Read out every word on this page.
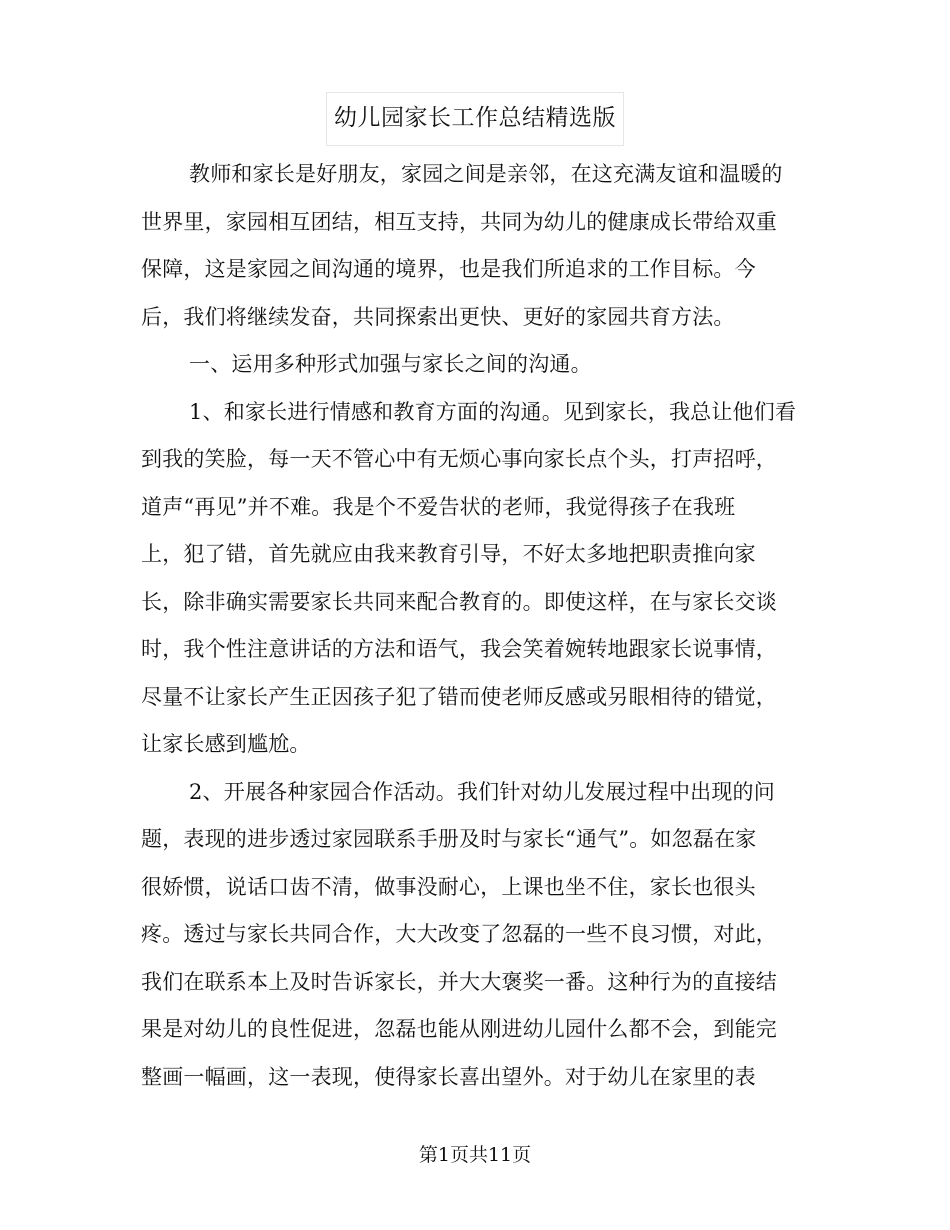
幼儿园家长工作总结精选版
教师和家长是好朋友，家园之间是亲邻，在这充满友谊和温暖的
世界里，家园相互团结，相互支持，共同为幼儿的健康成长带给双重
保障，这是家园之间沟通的境界，也是我们所追求的工作目标。今
后，我们将继续发奋，共同探索出更快、更好的家园共育方法。
一、运用多种形式加强与家长之间的沟通。
1、和家长进行情感和教育方面的沟通。见到家长，我总让他们看
到我的笑脸，每一天不管心中有无烦心事向家长点个头，打声招呼，
道声“再见”并不难。我是个不爱告状的老师，我觉得孩子在我班
上，犯了错，首先就应由我来教育引导，不好太多地把职责推向家
长，除非确实需要家长共同来配合教育的。即使这样，在与家长交谈
时，我个性注意讲话的方法和语气，我会笑着婉转地跟家长说事情，
尽量不让家长产生正因孩子犯了错而使老师反感或另眼相待的错觉，
让家长感到尴尬。
2、开展各种家园合作活动。我们针对幼儿发展过程中出现的问
题，表现的进步透过家园联系手册及时与家长“通气”。如忽磊在家
很娇惯，说话口齿不清，做事没耐心，上课也坐不住，家长也很头
疼。透过与家长共同合作，大大改变了忽磊的一些不良习惯，对此，
我们在联系本上及时告诉家长，并大大褒奖一番。这种行为的直接结
果是对幼儿的良性促进，忽磊也能从刚进幼儿园什么都不会，到能完
整画一幅画，这一表现，使得家长喜出望外。对于幼儿在家里的表
第1页共11页
